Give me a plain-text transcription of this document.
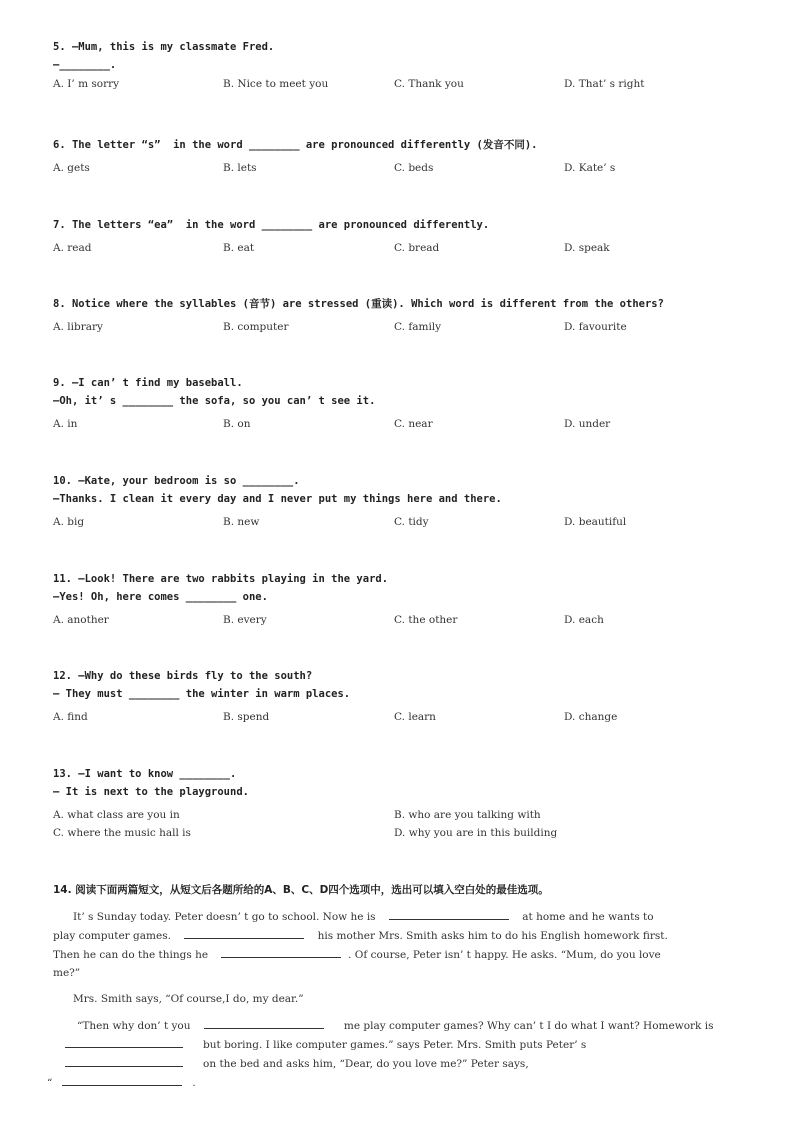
5. —Mum, this is my classmate Fred.
—________.
A. I’ m sorry	B. Nice to meet you	C. Thank you	D. That’ s right
6. The letter “s”  in the word ________ are pronounced differently (发音不同).
A. gets	B. lets	C. beds	D. Kate’ s
7. The letters “ea”  in the word ________ are pronounced differently.
A. read	B. eat	C. bread	D. speak
8. Notice where the syllables (音节) are stressed (重读). Which word is different from the others?
A. library	B. computer	C. family	D. favourite
9. —I can’ t find my baseball.
—Oh, it’ s ________ the sofa, so you can’ t see it.
A. in	B. on	C. near	D. under
10. —Kate, your bedroom is so ________.
—Thanks. I clean it every day and I never put my things here and there.
A. big	B. new	C. tidy	D. beautiful
11. —Look! There are two rabbits playing in the yard.
—Yes! Oh, here comes ________ one.
A. another	B. every	C. the other	D. each
12. —Why do these birds fly to the south?
— They must ________ the winter in warm places.
A. find	B. spend	C. learn	D. change
13. —I want to know ________.
— It is next to the playground.
A. what class are you in	B. who are you talking with
C. where the music hall is	D. why you are in this building
14. 阅读下面两篇短文，从短文后各题所给的A、B、C、D四个选项中，选出可以填入空白处的最佳选项。

It’ s Sunday today. Peter doesn’ t go to school. Now he is	at home and he wants to

play computer games.	his mother Mrs. Smith asks him to do his English homework first.

Then he can do the things he	. Of course, Peter isn’ t happy. He asks. “Mum, do you love

me?”

Mrs. Smith says, “Of course,I do, my dear.”

“Then why don’ t you	me play computer games? Why can’ t I do what I want? Homework is

but boring. I like computer games.” says Peter. Mrs. Smith puts Peter’ s

on the bed and asks him, “Dear, do you love me?” Peter says,

“	.
